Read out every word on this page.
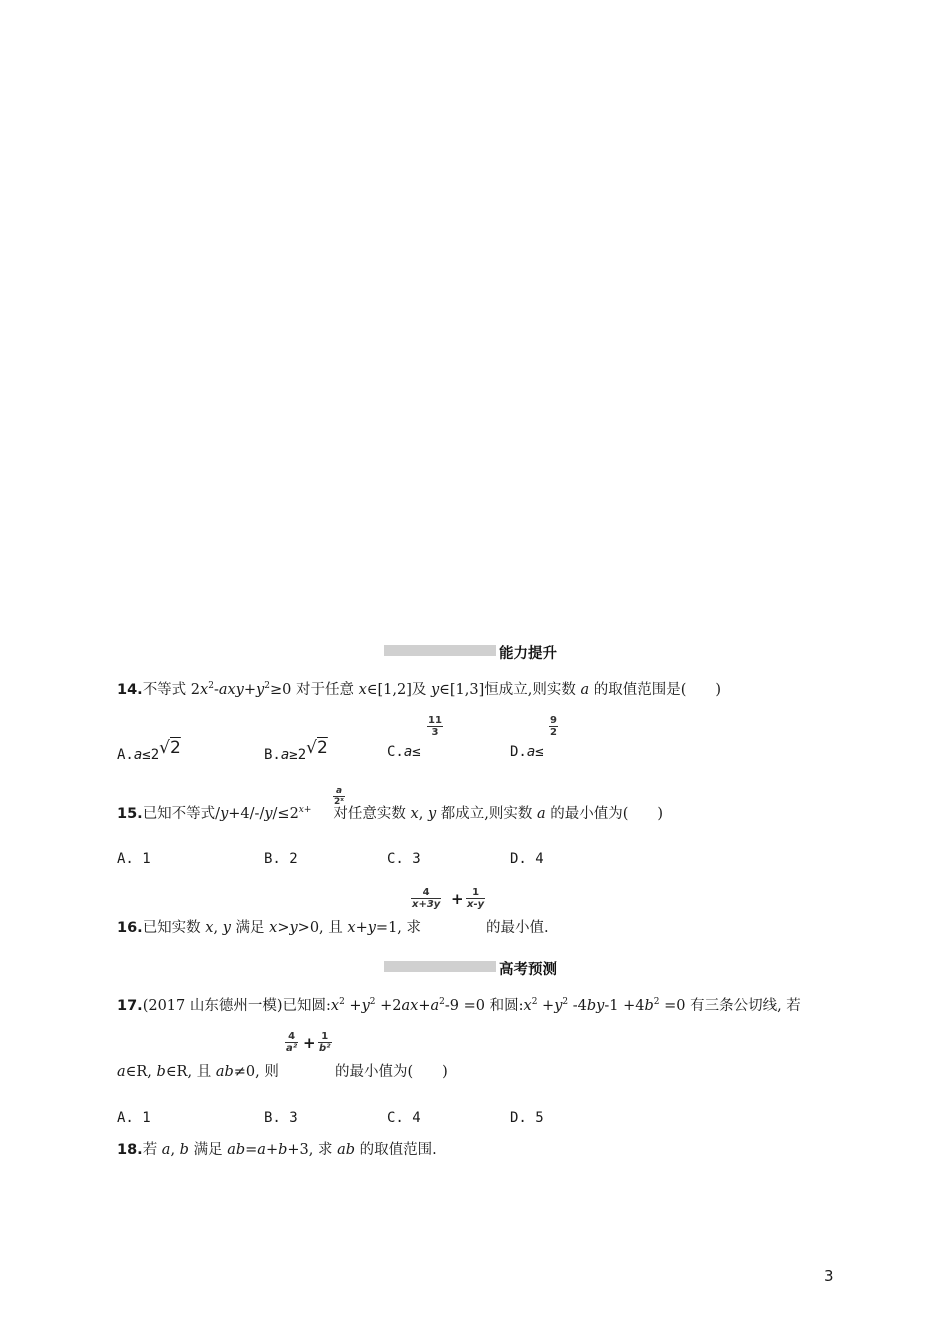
能力提升
14.不等式 $2x^2-axy+y^2\ge 0$ 对于任意 x∈[1,2]及 y∈[1,3]恒成立,则实数 a 的取值范围是(　　)
A.a≤2√2	B.a≥2√2	C.a≤
$\frac{11}{3}$
D.a≤
$\frac{9}{2}$
15.已知不等式$/y+4/-/y/\le 2^{x+}$ 对任意实数 x, y 都成立,则实数 a 的最小值为(　　)
$\frac{a}{\text{2ˣ}}$
A. 1	B. 2	C. 3	D. 4
16.已知实数 x, y 满足 x>y>0, 且 x+y=1, 求
$\frac{4}{x+3y} + \frac{1}{x-y}$
的最小值.
高考预测
17.(2017 山东德州一模)已知圆$:x^2 +y^2 +2ax+a^2-9 =0$ 和圆$:x^2 +y^2$ $-4by-1 +4b^2 =0$ 有三条公切线, 若
a∈R, b∈R, 且 ab≠0, 则
$\frac{4}{\text{a²}} + \frac{1}{\text{b²}}$
的最小值为(　　)
A. 1	B. 3	C. 4	D. 5
18.若 a, b 满足 ab=a+b+3, 求 ab 的取值范围.
3
